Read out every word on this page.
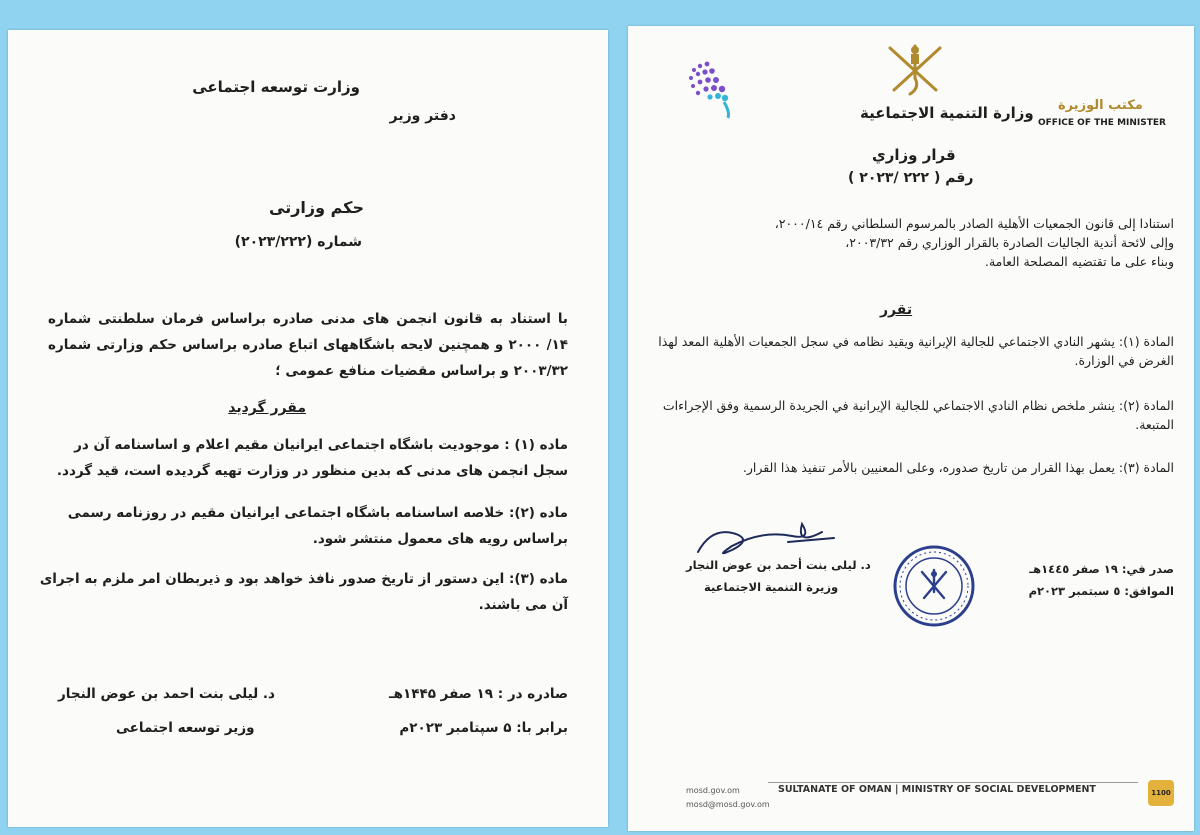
وزارت توسعه اجتماعی
دفتر وزیر
حکم وزارتی
شماره (۲۰۲۳/۲۲۲)
با استناد به قانون انجمن های مدنی صادره براساس فرمان سلطنتی شماره ۱۴/ ۲۰۰۰ و همچنین لایحه باشگاههای اتباع صادره براساس حکم وزارتی شماره ۲۰۰۳/۳۲ و براساس مقضیات منافع عمومی ؛
مقرر گردید
ماده (۱) : موجودیت باشگاه اجتماعی ایرانیان مقیم اعلام و اساسنامه آن در سجل انجمن های مدنی که بدین منظور در وزارت تهیه گردیده است، قید گردد.
ماده (۲): خلاصه اساسنامه باشگاه اجتماعی ایرانیان مقیم در روزنامه رسمی براساس رویه های معمول منتشر شود.
ماده (۳): این دستور از تاریخ صدور نافذ خواهد بود و ذیربطان امر ملزم به اجرای آن می باشند.
د. لیلی بنت احمد بن عوض النجار
وزیر توسعه اجتماعی
صادره در : ۱۹ صفر ۱۴۴۵هـ
برابر با: ۵ سپتامبر ۲۰۲۳م
وزارة التنمية الاجتماعية مكتب الوزيرة
OFFICE OF THE MINISTER
قرار وزاري
رقم ( ٢٢٢ /٢٠٢٣ )
استنادا إلى قانون الجمعيات الأهلية الصادر بالمرسوم السلطاني رقم ٢٠٠٠/١٤،
وإلى لائحة أندية الجاليات الصادرة بالقرار الوزاري رقم ٢٠٠٣/٣٢،
وبناء على ما تقتضيه المصلحة العامة.
تقرر
المادة (١): يشهر النادي الاجتماعي للجالية الإيرانية ويقيد نظامه في سجل الجمعيات الأهلية المعد لهذا الغرض في الوزارة.
المادة (٢): ينشر ملخص نظام النادي الاجتماعي للجالية الإيرانية في الجريدة الرسمية وفق الإجراءات المتبعة.
المادة (٣): يعمل بهذا القرار من تاريخ صدوره، وعلى المعنيين بالأمر تنفيذ هذا القرار.
د. ليلى بنت أحمد بن عوض النجار
وزيرة التنمية الاجتماعية
صدر في: ١٩ صفر ١٤٤٥هـ
الموافق: ٥ سبتمبر ٢٠٢٣م
SULTANATE OF OMAN | MINISTRY OF SOCIAL DEVELOPMENT
mosd.gov.om
mosd@mosd.gov.om
1100
